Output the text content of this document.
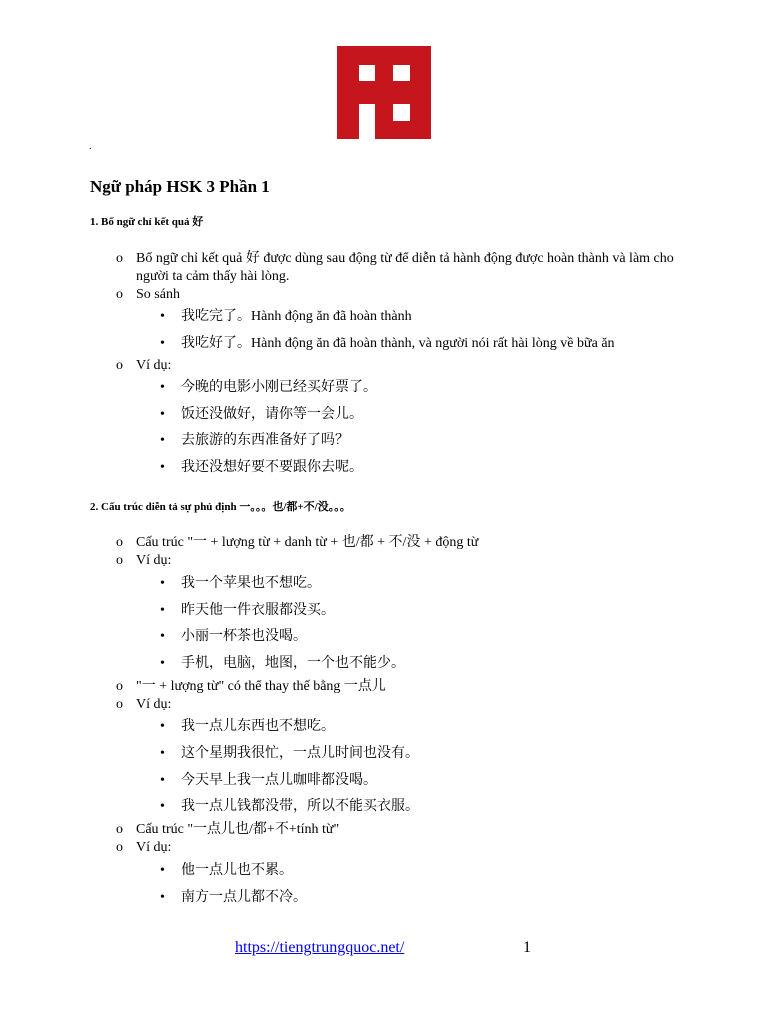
.
Ngữ pháp HSK 3 Phần 1
1. Bổ ngữ chỉ kết quả 好
o Bổ ngữ chỉ kết quả 好 được dùng sau động từ để diễn tả hành động được hoàn thành và làm cho người ta cảm thấy hài lòng.
o So sánh
• 我吃完了。Hành động ăn đã hoàn thành
• 我吃好了。Hành động ăn đã hoàn thành, và người nói rất hài lòng về bữa ăn
o Ví dụ:
• 今晚的电影小刚已经买好票了。
• 饭还没做好，请你等一会儿。
• 去旅游的东西准备好了吗？
• 我还没想好要不要跟你去呢。
2. Cấu trúc diễn tả sự phủ định 一。。。也/都+不/没。。。
o Cấu trúc "一 + lượng từ + danh từ + 也/都 + 不/没 + động từ
o Ví dụ:
• 我一个苹果也不想吃。
• 昨天他一件衣服都没买。
• 小丽一杯茶也没喝。
• 手机，电脑，地图，一个也不能少。
o "一 + lượng từ" có thể thay thế bằng 一点儿
o Ví dụ:
• 我一点儿东西也不想吃。
• 这个星期我很忙，一点儿时间也没有。
• 今天早上我一点儿咖啡都没喝。
• 我一点儿钱都没带，所以不能买衣服。
o Cấu trúc "一点儿也/都+不+tính từ"
o Ví dụ:
• 他一点儿也不累。
• 南方一点儿都不冷。
https://tiengtrungquoc.net/	1
